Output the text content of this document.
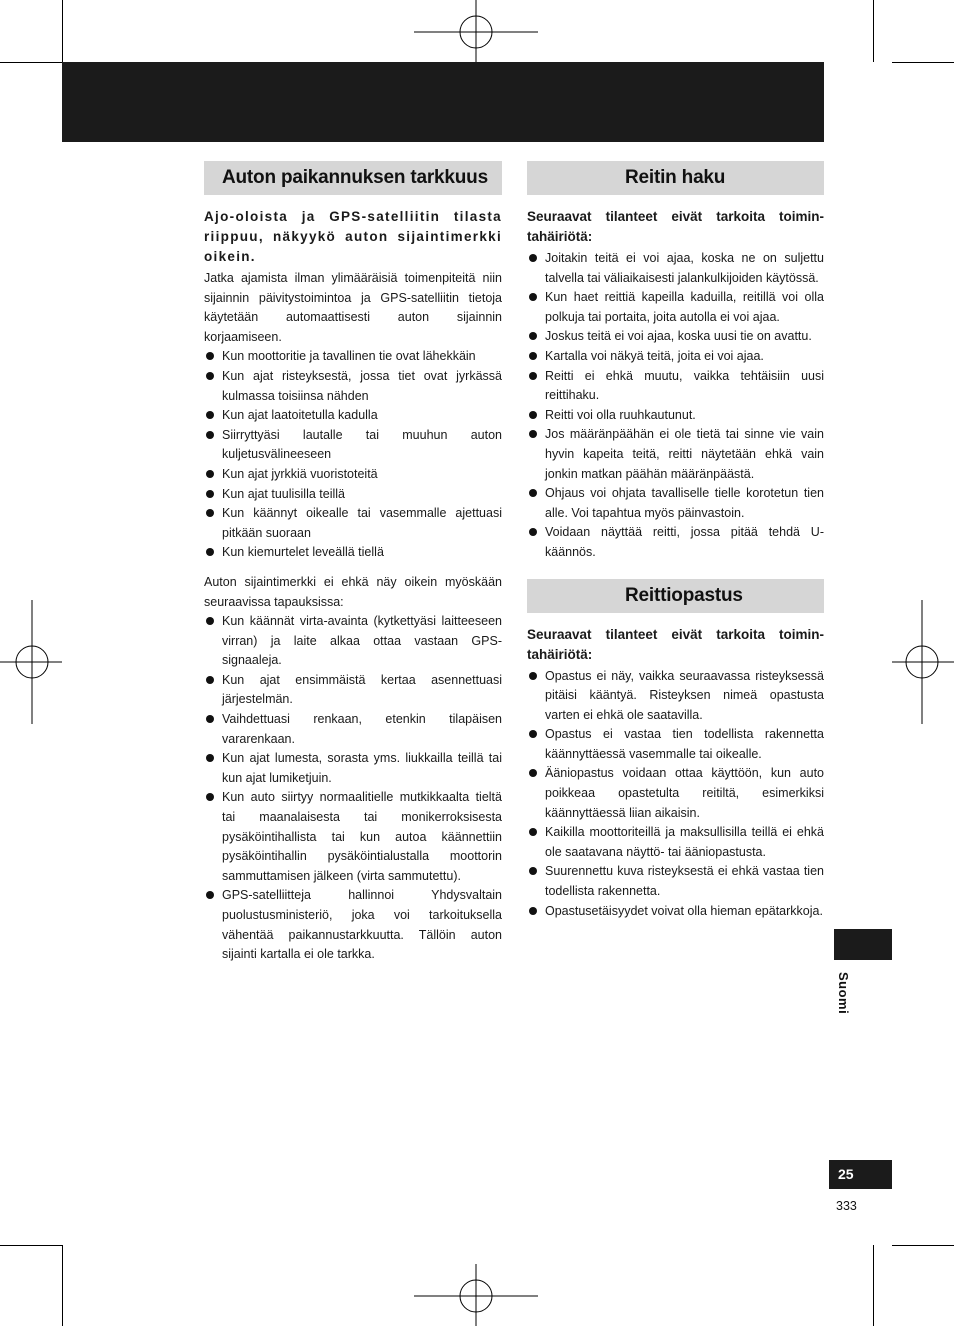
Auton paikannuksen tarkkuus
Ajo-oloista ja GPS-satelliitin tilasta riippuu, näkyykö auton sijaintimerkki oikein.

Jatka ajamista ilman ylimääräisiä toimenpiteitä niin sijainnin päivitystoimintoa ja GPS-satelliitin tietoja käytetään automaattisesti auton sijainnin korjaamiseen.

Kun moottoritie ja tavallinen tie ovat lähekkäin
Kun ajat risteyksestä, jossa tiet ovat jyrkässä kulmassa toisiinsa nähden
Kun ajat laatoitetulla kadulla
Siirryttyäsi lautalle tai muuhun auton kuljetusvälineeseen
Kun ajat jyrkkiä vuoristoteitä
Kun ajat tuulisilla teillä
Kun käännyt oikealle tai vasemmalle ajettuasi pitkään suoraan
Kun kiemurtelet leveällä tiellä

Auton sijaintimerkki ei ehkä näy oikein myöskään seuraavissa tapauksissa:

Kun käännät virta-avainta (kytkettyäsi laitteeseen virran) ja laite alkaa ottaa vastaan GPS-signaaleja.
Kun ajat ensimmäistä kertaa asennettuasi järjestelmän.
Vaihdettuasi renkaan, etenkin tilapäisen vararenkaan.
Kun ajat lumesta, sorasta yms. liukkailla teillä tai kun ajat lumiketjuin.
Kun auto siirtyy normaalitielle mutkikkaalta tieltä tai maanalaisesta tai monikerroksisesta pysäköintihallista tai kun autoa käännettiin pysäköintihallin pysäköintialustalla moottorin sammuttamisen jälkeen (virta sammutettu).
GPS-satelliitteja hallinnoi Yhdysvaltain puolustusministeriö, joka voi tarkoituksella vähentää paikannustarkkuutta. Tällöin auton sijainti kartalla ei ole tarkka.
Reitin haku
Seuraavat tilanteet eivät tarkoita toimin-tahäiriötä:
Joitakin teitä ei voi ajaa, koska ne on suljettu talvella tai väliaikaisesti jalankulkijoiden käytössä.
Kun haet reittiä kapeilla kaduilla, reitillä voi olla polkuja tai portaita, joita autolla ei voi ajaa.
Joskus teitä ei voi ajaa, koska uusi tie on avattu.
Kartalla voi näkyä teitä, joita ei voi ajaa.
Reitti ei ehkä muutu, vaikka tehtäisiin uusi reittihaku.
Reitti voi olla ruuhkautunut.
Jos määränpäähän ei ole tietä tai sinne vie vain hyvin kapeita teitä, reitti näytetään ehkä vain jonkin matkan päähän määränpäästä.
Ohjaus voi ohjata tavalliselle tielle korotetun tien alle. Voi tapahtua myös päinvastoin.
Voidaan näyttää reitti, jossa pitää tehdä U-käännös.
Reittiopastus
Seuraavat tilanteet eivät tarkoita toimin-tahäiriötä:
Opastus ei näy, vaikka seuraavassa risteyksessä pitäisi kääntyä. Risteyksen nimeä opastusta varten ei ehkä ole saatavilla.
Opastus ei vastaa tien todellista rakennetta käännyttäessä vasemmalle tai oikealle.
Ääniopastus voidaan ottaa käyttöön, kun auto poikkeaa opastetulta reitiltä, esimerkiksi käännyttäessä liian aikaisin.
Kaikilla moottoriteillä ja maksullisilla teillä ei ehkä ole saatavana näyttö- tai ääniopastusta.
Suurennettu kuva risteyksestä ei ehkä vastaa tien todellista rakennetta.
Opastusetäisyydet voivat olla hieman epätarkkoja.
Suomi
25
333
